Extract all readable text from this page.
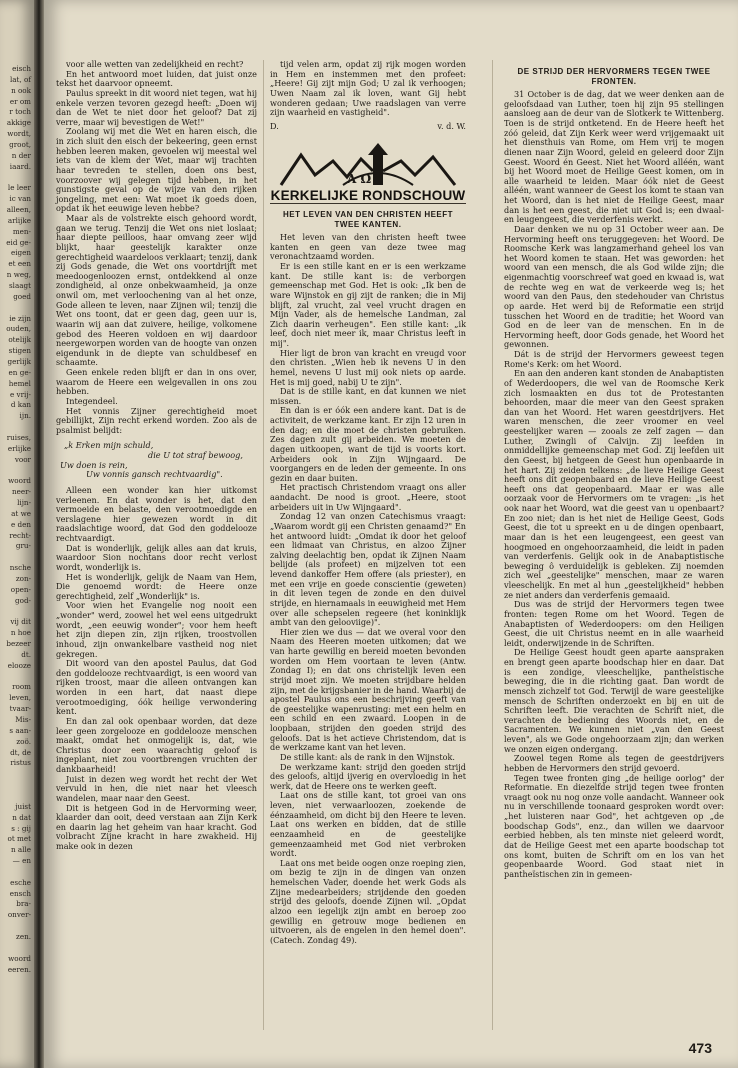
eisch
lat, of
n ook
er om
r toch
akkige
wordt,
groot,
n der
iaard.
le leer
ic van
alleen,
arlijke
men-
eid ge-
eigen
et een
n weg,
slaagt
goed
ie zijn
ouden,
otelijk
stigen
gerlijk
en ge-
hemel
e vrij-
d kan
ijn.
ruises,
erlijke
voor
woord
neer-
lijn-
at we
e den
recht-
gru-
nsche
zon-
open-
god-
vij dit
n hoe
bezeer
dt.
elooze
room
leven,
tvaar-
Mis-
s aan-
zoö.
dt, de
ristus
juist
n dat
s : gij
ot met
n alle
— en
esche
ensch
bra-
onver-
zen.
woord
eeren.

voor alle wetten van zedelijkheid en recht?

En het antwoord moet luiden, dat juist onze tekst het daarvoor opneemt.

Paulus spreekt in dit woord niet tegen, wat hij enkele verzen tevoren gezegd heeft: „Doen wij dan de Wet te niet door het geloof? Dat zij verre, maar wij bevestigen de Wet!"

Zoolang wij met die Wet en haren eisch, die in zich sluit den eisch der bekeering, geen ernst hebben leeren maken, gevoelen wij meestal wel iets van de klem der Wet, maar wij trachten haar tevreden te stellen, doen ons best, voorzoover wij gelegen tijd hebben, in het gunstigste geval op de wijze van den rijken jongeling, met een: Wat moet ik goeds doen, opdat ik het eeuwige leven hebbe?

Maar als de volstrekte eisch gehoord wordt, gaan we terug. Tenzij die Wet ons niet loslaat; haar diepte peilloos, haar omvang zeer wijd blijkt, haar geestelijk karakter onze gerechtigheid waardeloos verklaart; tenzij, dank zij Gods genade, die Wet ons voortdrijft met meedoogenloozen ernst, ontdekkend al onze zondigheid, al onze onbekwaamheid, ja onze onwil om, met verloochening van al het onze, Gode alleen te leven, naar Zijnen wil; tenzij die Wet ons toont, dat er geen dag, geen uur is, waarin wij aan dat zuivere, heilige, volkomene gebod des Heeren voldoen en wij daardoor neergeworpen worden van de hoogte van onzen eigendunk in de diepte van schuldbesef en schaamte.

Geen enkele reden blijft er dan in ons over, waarom de Heere een welgevallen in ons zou hebben.

Integendeel.

Het vonnis Zijner gerechtigheid moet gebillijkt, Zijn recht erkend worden. Zoo als de psalmist belijdt:

„k Erken mijn schuld,

die U tot straf bewoog,

Uw doen is rein,

Uw vonnis gansch rechtvaardig".

Alleen een wonder kan hier uitkomst verleenen. En dat wonder is het, dat den vermoeide en belaste, den verootmoedigde en verslagene hier gewezen wordt in dit raadslachtige woord, dat God den goddelooze rechtvaardigt.

Dat is wonderlijk, gelijk alles aan dat kruis, waardoor Sion nochtans door recht verlost wordt, wonderlijk is.

Het is wonderlijk, gelijk de Naam van Hem, Die genoemd wordt: de Heere onze gerechtigheid, zelf „Wonderlijk" is.

Voor wien het Evangelie nog nooit een „wonder" werd, zoowel het wel eens uitgedrukt wordt, „een eeuwig wonder"; voor hem heeft het zijn diepen zin, zijn rijken, troostvollen inhoud, zijn onwankelbare vastheid nog niet gekregen.

Dit woord van den apostel Paulus, dat God den goddelooze rechtvaardigt, is een woord van rijken troost, maar die alleen ontvangen kan worden in een hart, dat naast diepe verootmoediging, óók heilige verwondering kent.

En dan zal ook openbaar worden, dat deze leer geen zorgelooze en goddelooze menschen maakt, omdat het onmogelijk is, dat, wie Christus door een waarachtig geloof is ingeplant, niet zou voortbrengen vruchten der dankbaarheid!

Juist in dezen weg wordt het recht der Wet vervuld in hen, die niet naar het vleesch wandelen, maar naar den Geest.

Dit is hetgeen God in de Hervorming weer, klaarder dan ooit, deed verstaan aan Zijn Kerk en daarin lag het geheim van haar kracht. God volbracht Zijne kracht in hare zwakheid. Hij make ook in dezen

tijd velen arm, opdat zij rijk mogen worden in Hem en instemmen met den profeet: „Heere! Gij zijt mijn God; U zal ik verhoogen; Uwen Naam zal ik loven, want Gij hebt wonderen gedaan; Uwe raadslagen van verre zijn waarheid en vastigheid".

D.	v. d. W.
A Ω
KERKELIJKE RONDSCHOUW
HET LEVEN VAN DEN CHRISTEN HEEFT TWEE KANTEN.

Het leven van den christen heeft twee kanten en geen van deze twee mag veronachtzaamd worden.

Er is een stille kant en er is een werkzame kant. De stille kant is: de verborgen gemeenschap met God. Het is ook: „Ik ben de ware Wijnstok en gij zijt de ranken; die in Mij blijft, zal vrucht, zal veel vrucht dragen en Mijn Vader, als de hemelsche Landman, zal Zich daarin verheugen". Een stille kant: „ik leef, doch niet meer ik, maar Christus leeft in mij".

Hier ligt de bron van kracht en vreugd voor den christen. „Wien heb ik nevens U in den hemel, nevens U lust mij ook niets op aarde. Het is mij goed, nabij U te zijn".

Dat is de stille kant, en dat kunnen we niet missen.

En dan is er óók een andere kant. Dat is de activiteit, de werkzame kant. Er zijn 12 uren in den dag; en die moet de christen gebruiken. Zes dagen zult gij arbeiden. We moeten de dagen uitkoopen, want de tijd is voorts kort. Arbeiders ook in Zijn Wijngaard. De voorgangers en de leden der gemeente. In ons gezin en daar buiten.

Het practisch Christendom vraagt ons aller aandacht. De nood is groot. „Heere, stoot arbeiders uit in Uw Wijngaard".

Zondag 12 van onzen Catechismus vraagt: „Waarom wordt gij een Christen genaamd?" En het antwoord luidt: „Omdat ik door het geloof een lidmaat van Christus, en alzoo Zijner zalving deelachtig ben, opdat ik Zijnen Naam belijde (als profeet) en mijzelven tot een levend dankoffer Hem offere (als priester), en met een vrije en goede conscientie (geweten) in dit leven tegen de zonde en den duivel strijde, en hiernamaals in eeuwigheid met Hem over alle schepselen regeere (het koninklijk ambt van den gelooviige)".

Hier zien we dus — dat we overal voor den Naam des Heeren moeten uitkomen; dat we van harte gewillig en bereid moeten bevonden worden om Hem voortaan te leven (Antw. Zondag I); en dat ons christelijk leven een strijd moet zijn. We moeten strijdbare helden zijn, met de krijgsbanier in de hand. Waarbij de apostel Paulus ons een beschrijving geeft van de geestelijke wapenrusting: met een helm en een schild en een zwaard. Loopen in de loopbaan, strijden den goeden strijd des geloofs. Dat is het actieve Christendom, dat is de werkzame kant van het leven.

De stille kant: als de rank in den Wijnstok.

De werkzame kant: strijd den goeden strijd des geloofs, altijd ijverig en overvloedig in het werk, dat de Heere ons te werken geeft.

Laat ons de stille kant, tot groei van ons leven, niet verwaarloozen, zoekende de éénzaamheid, om dicht bij den Heere te leven. Laat ons werken en bidden, dat de stille eenzaamheid en de geestelijke gemeenzaamheid met God niet verbroken wordt.

Laat ons met beide oogen onze roeping zien, om bezig te zijn in de dingen van onzen hemelschen Vader, doende het werk Gods als Zijne medearbeiders; strijdende den goeden strijd des geloofs, doende Zijnen wil. „Opdat alzoo een iegelijk zijn ambt en beroep zoo gewillig en getrouw moge bedienen en uitvoeren, als de engelen in den hemel doen". (Catech. Zondag 49).

DE STRIJD DER HERVORMERS TEGEN TWEE FRONTEN.

31 October is de dag, dat we weer denken aan de geloofsdaad van Luther, toen hij zijn 95 stellingen aansloeg aan de deur van de Slotkerk te Wittenberg. Toen is de strijd ontketend. En de Heere heeft het zóó geleid, dat Zijn Kerk weer werd vrijgemaakt uit het diensthuis van Rome, om Hem vrij te mogen dienen naar Zijn Woord, geleid en geleerd door Zijn Geest. Woord én Geest. Niet het Woord alléén, want bij het Woord moet de Heilige Geest komen, om in alle waarheid te leiden. Maar óók niet de Geest alléén, want wanneer de Geest los komt te staan van het Woord, dan is het niet de Heilige Geest, maar dan is het een geest, die niet uit God is; een dwaal- en leugengeest, die verderfenis werkt.

Daar denken we nu op 31 October weer aan. De Hervorming heeft ons teruggegeven: het Woord. De Roomsche Kerk was langzamerhand geheel los van het Woord komen te staan. Het was geworden: het woord van een mensch, die als God wilde zijn; die eigenmachtig voorschreef wat goed en kwaad is, wat de rechte weg en wat de verkeerde weg is; het woord van den Paus, den stedehouder van Christus op aarde. Het werd bij de Reformatie een strijd tusschen het Woord en de traditie; het Woord van God en de leer van de menschen. En in de Hervorming heeft, door Gods genade, het Woord het gewonnen.

Dát is de strijd der Hervormers geweest tegen Rome's Kerk: om het Woord.

En aan den anderen kant stonden de Anabaptisten of Wederdoopers, die wel van de Roomsche Kerk zich losmaakten en dus tot de Protestanten behoorden, maar die meer van den Geest spraken dan van het Woord. Het waren geestdrijvers. Het waren menschen, die zeer vroomer en veel geestelijker waren — zooals ze zelf zagen — dan Luther, Zwingli of Calvijn. Zij leefden in onmiddellijke gemeenschap met God. Zij leefden uit den Geest, bij hetgeen de Geest hun openbaarde in het hart. Zij zeiden telkens: „de lieve Heilige Geest heeft ons dit geopenbaard en de lieve Heilige Geest heeft ons dat geopenbaard. Maar er was alle oorzaak voor de Hervormers om te vragen: „is het ook naar het Woord, wat die geest van u openbaart? En zoo niet; dan is het niet de Heilige Geest, Gods Geest, die tot u spreekt en u de dingen openbaart, maar dan is het een leugengeest, een geest van hoogmoed en ongehoorzaamheid, die leidt in paden van verderfenis. Gelijk ook in de Anabaptistische beweging ô verduidelijk is gebleken. Zij noemden zich wel „geestelijke" menschen, maar ze waren vleeschelijk. En met al hun „geestelijkheid" hebben ze niet anders dan verderfenis gemaaid.

Dus was de strijd der Hervormers tegen twee fronten: tegen Rome om het Woord. Tegen de Anabaptisten of Wederdoopers: om den Heiligen Geest, die uit Christus neemt en in alle waarheid leidt, onderwijzende in de Schriften.

De Heilige Geest houdt geen aparte aanspraken en brengt geen aparte boodschap hier en daar. Dat is een zondige, vleeschelijke, pantheïstische beweging, die in die richting gaat. Dan wordt de mensch zichzelf tot God. Terwijl de ware geestelijke mensch de Schriften onderzoekt en bij en uit de Schriften leeft. Die verachten de Schrift niet, die verachten de bediening des Woords niet, en de Sacramenten. We kunnen niet „van den Geest leven", als we Gode ongehoorzaam zijn; dan werken we onzen eigen ondergang.

Zoowel tegen Rome als tegen de geestdrijvers hebben de Hervormers den strijd gevoerd.

Tegen twee fronten ging „de heilige oorlog" der Reformatie. En diezelfde strijd tegen twee fronten vraagt ook nu nog onze volle aandacht. Wanneer ook nu in verschillende toonaard gesproken wordt over: „het luisteren naar God", het achtgeven op „de boodschap Gods", enz., dan willen we daarvoor eerbied hebben, als ten minste niet geleerd wordt, dat de Heilige Geest met een aparte boodschap tot ons komt, buiten de Schrift om en los van het geopenbaarde Woord. God staat niet in pantheïstischen zin in gemeen-

473
